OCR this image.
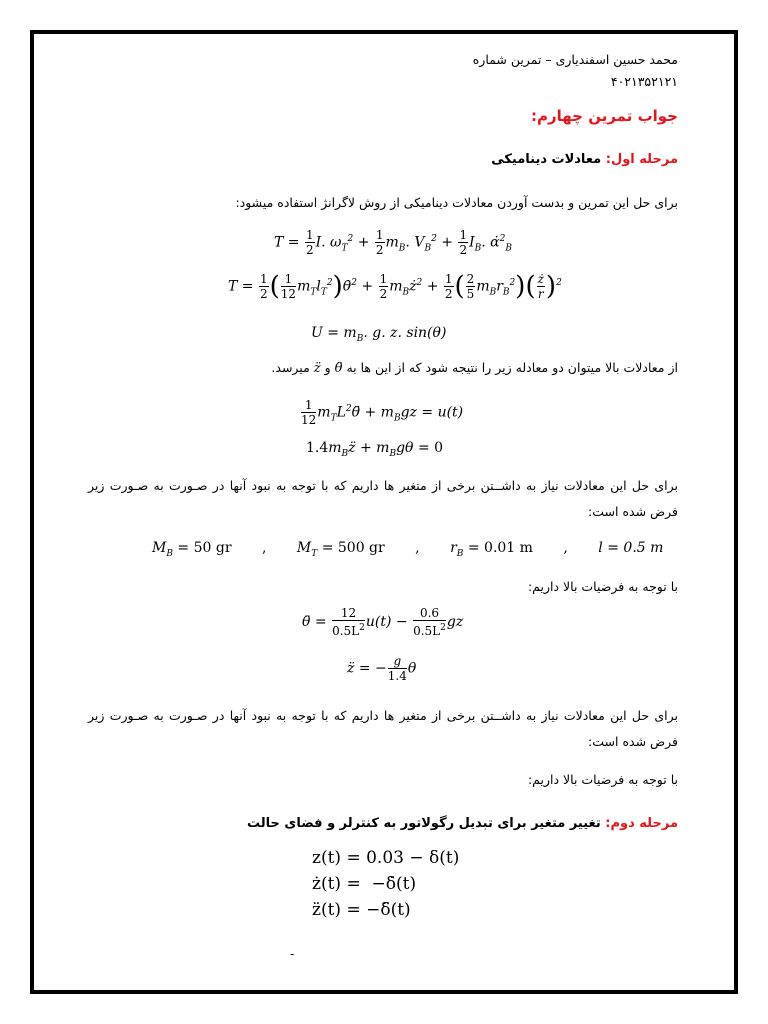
محمد حسین اسفندیاری – تمرین شماره
۴۰۲۱۳۵۲۱۲۱
جواب تمرین چهارم:
مرحله اول: معادلات دینامیکی
برای حل این تمرین و بدست آوردن معادلات دینامیکی از روش لاگرانژ استفاده میشود:
$T = \frac{1}{2} I$. $\omega_T^2 + \frac{1}{2} m_B$. $V_B^2 + \frac{1}{2} I_B$. α̇$^2_B$
$T = \frac{1}{2}$ ( $\frac{1}{12}$ $m_Tl_T^2)\thetȧ^2 + \frac{1}{2}$ $m_Bż^2 + \frac{1}{2}$ ( $\frac{2}{5} m_Br_B^2)( \frac{ż}{r} )^2$
$U = m_B$. g. z. sin(θ)
از معادلات بالا میتوان دو معادله زیر را نتیجه شود که از این ها به θ̈ و z̈ میرسد.
$\frac{1}{12}$ $m_TL^2\thetä + m_Bgz = u(t)$
$1.4m_Bz̈ + m_Bg\theta = 0$
برای حل این معادلات نیاز به داشــتن برخی از متغیر ها داریم که با توجه به نبود آنها در صـورت به صـورت زیر فرض شده است:
$M_B = 50$ gr , $M_T = 500$ gr , $r_B = 0.01$ m , l = 0.5 m
با توجه به فرضیات بالا داریم:
θ̈ = $\frac{12}{0.5L^2} u(t) - \frac{0.6}{0.5L^2}$ gz
z̈ = − $\frac{g}{1.4}$ θ
برای حل این معادلات نیاز به داشــتن برخی از متغیر ها داریم که با توجه به نبود آنها در صـورت به صـورت زیر فرض شده است:
با توجه به فرضیات بالا داریم:
مرحله دوم: تغییر متغیر برای تبدیل رگولاتور به کنترلر و فضای حالت
z(t) = 0.03 − δ(t)
ż(t) =  −δ̇(t)
z̈(t) = −δ̈(t)
-
